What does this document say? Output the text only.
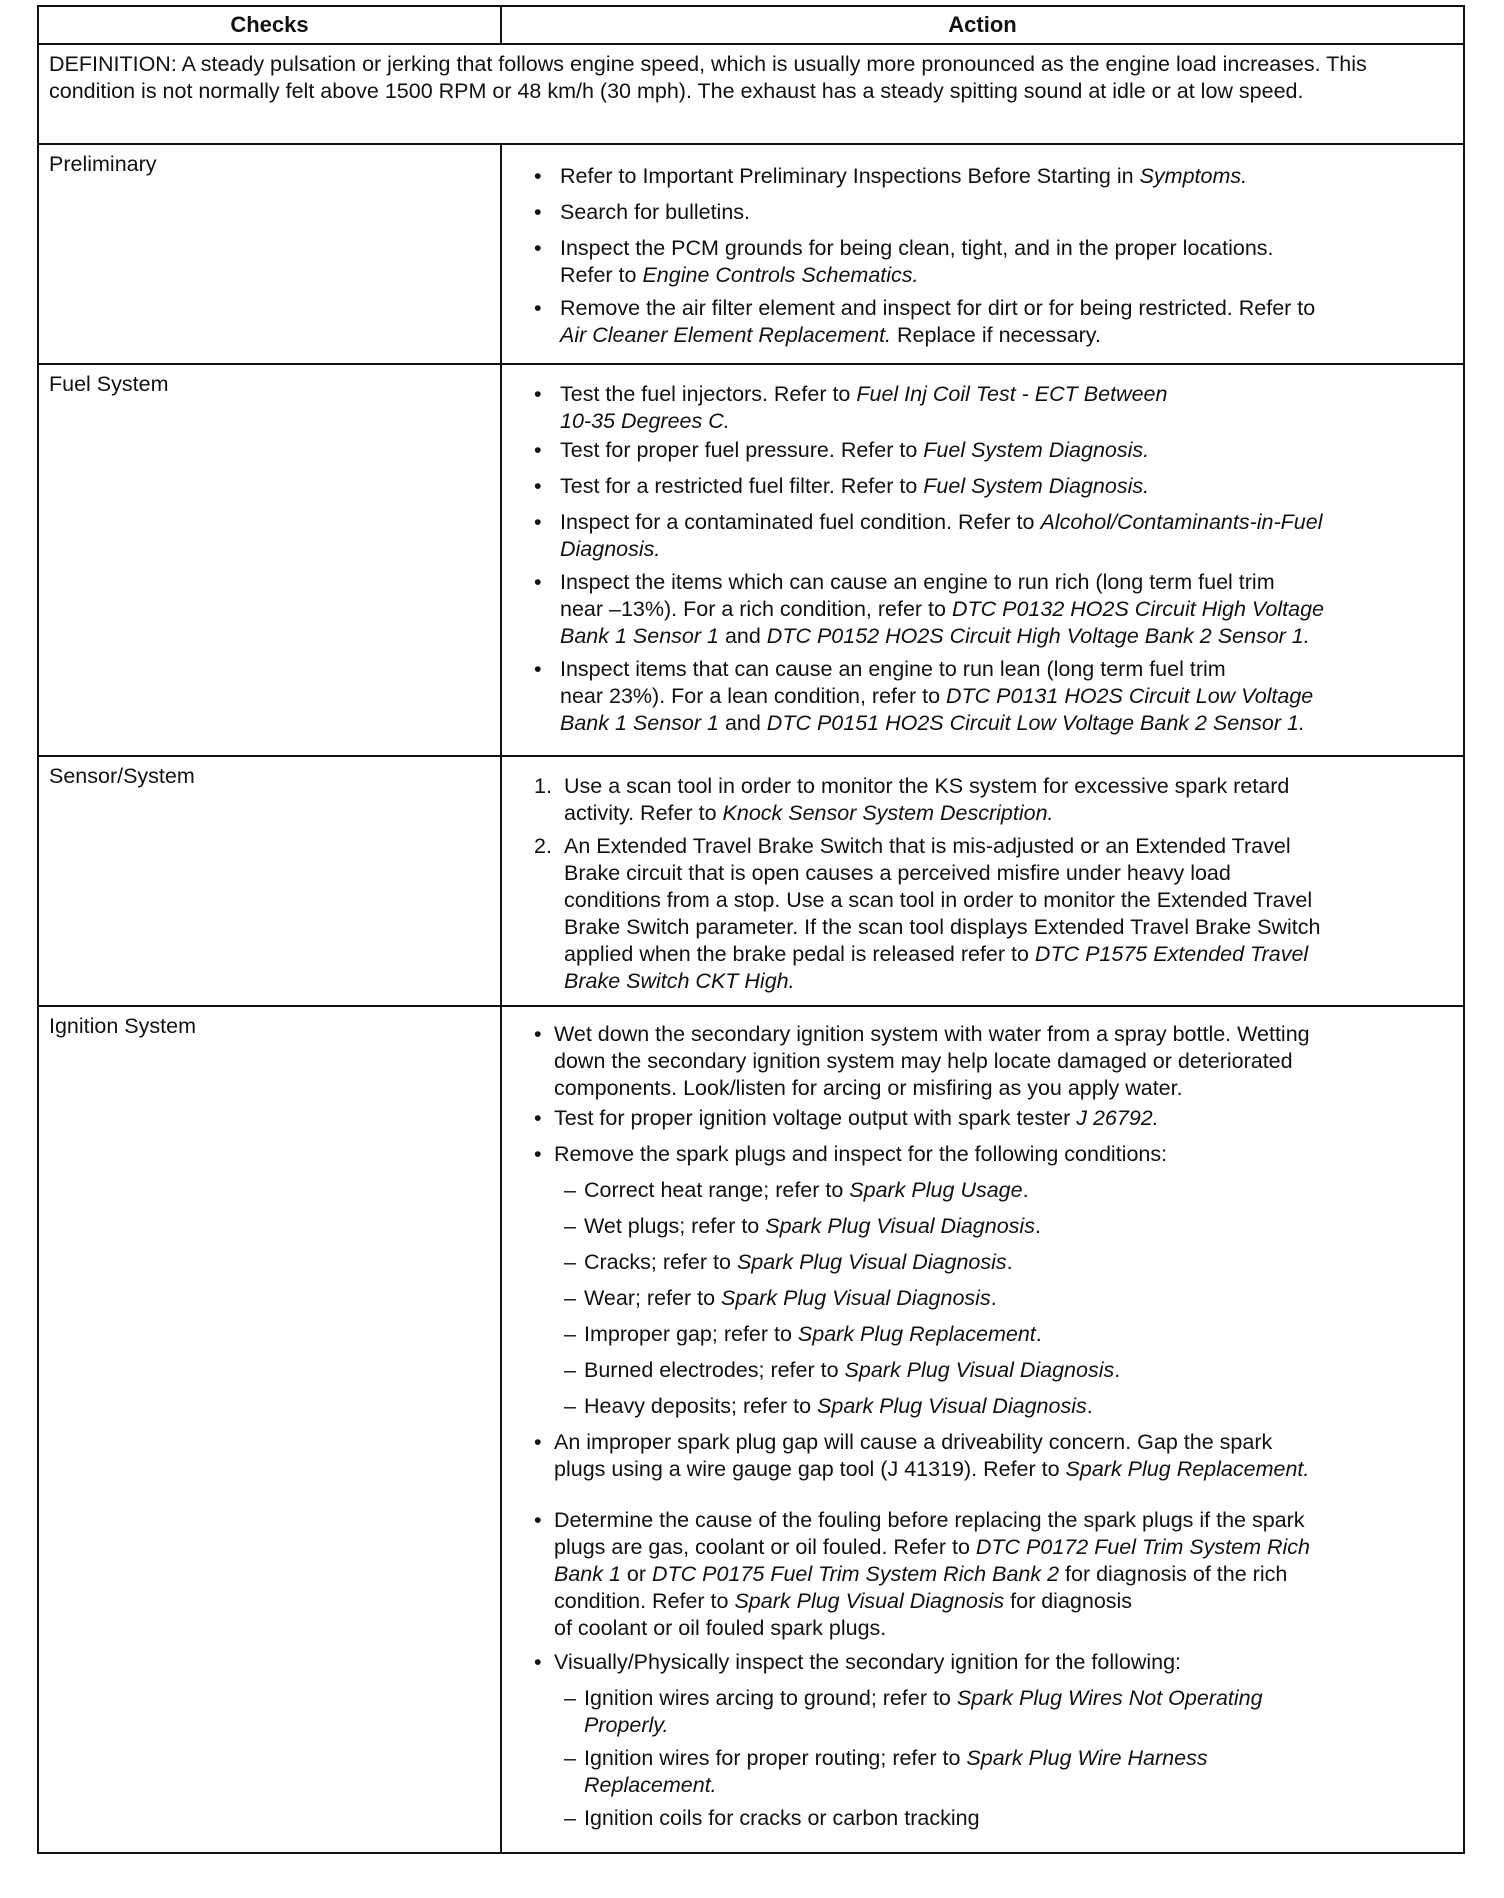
Checks	Action
DEFINITION: A steady pulsation or jerking that follows engine speed, which is usually more pronounced as the engine load increases. This condition is not normally felt above 1500 RPM or 48 km/h (30 mph). The exhaust has a steady spitting sound at idle or at low speed.
Preliminary	• Refer to Important Preliminary Inspections Before Starting in Symptoms.
• Search for bulletins.
• Inspect the PCM grounds for being clean, tight, and in the proper locations.
Refer to Engine Controls Schematics.
• Remove the air filter element and inspect for dirt or for being restricted. Refer to
Air Cleaner Element Replacement. Replace if necessary.
Fuel System	• Test the fuel injectors. Refer to Fuel Inj Coil Test - ECT Between
10-35 Degrees C.
• Test for proper fuel pressure. Refer to Fuel System Diagnosis.
• Test for a restricted fuel filter. Refer to Fuel System Diagnosis.
• Inspect for a contaminated fuel condition. Refer to Alcohol/Contaminants-in-Fuel
Diagnosis.
• Inspect the items which can cause an engine to run rich (long term fuel trim
near –13%). For a rich condition, refer to DTC P0132 HO2S Circuit High Voltage
Bank 1 Sensor 1 and DTC P0152 HO2S Circuit High Voltage Bank 2 Sensor 1.
• Inspect items that can cause an engine to run lean (long term fuel trim
near 23%). For a lean condition, refer to DTC P0131 HO2S Circuit Low Voltage
Bank 1 Sensor 1 and DTC P0151 HO2S Circuit Low Voltage Bank 2 Sensor 1.
Sensor/System	1. Use a scan tool in order to monitor the KS system for excessive spark retard
activity. Refer to Knock Sensor System Description.
2. An Extended Travel Brake Switch that is mis-adjusted or an Extended Travel
Brake circuit that is open causes a perceived misfire under heavy load
conditions from a stop. Use a scan tool in order to monitor the Extended Travel
Brake Switch parameter. If the scan tool displays Extended Travel Brake Switch
applied when the brake pedal is released refer to DTC P1575 Extended Travel
Brake Switch CKT High.
Ignition System	• Wet down the secondary ignition system with water from a spray bottle. Wetting
down the secondary ignition system may help locate damaged or deteriorated
components. Look/listen for arcing or misfiring as you apply water.
• Test for proper ignition voltage output with spark tester J 26792.
• Remove the spark plugs and inspect for the following conditions:
– Correct heat range; refer to Spark Plug Usage.
– Wet plugs; refer to Spark Plug Visual Diagnosis.
– Cracks; refer to Spark Plug Visual Diagnosis.
– Wear; refer to Spark Plug Visual Diagnosis.
– Improper gap; refer to Spark Plug Replacement.
– Burned electrodes; refer to Spark Plug Visual Diagnosis.
– Heavy deposits; refer to Spark Plug Visual Diagnosis.
• An improper spark plug gap will cause a driveability concern. Gap the spark
plugs using a wire gauge gap tool (J 41319). Refer to Spark Plug Replacement.
• Determine the cause of the fouling before replacing the spark plugs if the spark
plugs are gas, coolant or oil fouled. Refer to DTC P0172 Fuel Trim System Rich
Bank 1 or DTC P0175 Fuel Trim System Rich Bank 2 for diagnosis of the rich
condition. Refer to Spark Plug Visual Diagnosis for diagnosis
of coolant or oil fouled spark plugs.
• Visually/Physically inspect the secondary ignition for the following:
– Ignition wires arcing to ground; refer to Spark Plug Wires Not Operating
Properly.
– Ignition wires for proper routing; refer to Spark Plug Wire Harness
Replacement.
– Ignition coils for cracks or carbon tracking
